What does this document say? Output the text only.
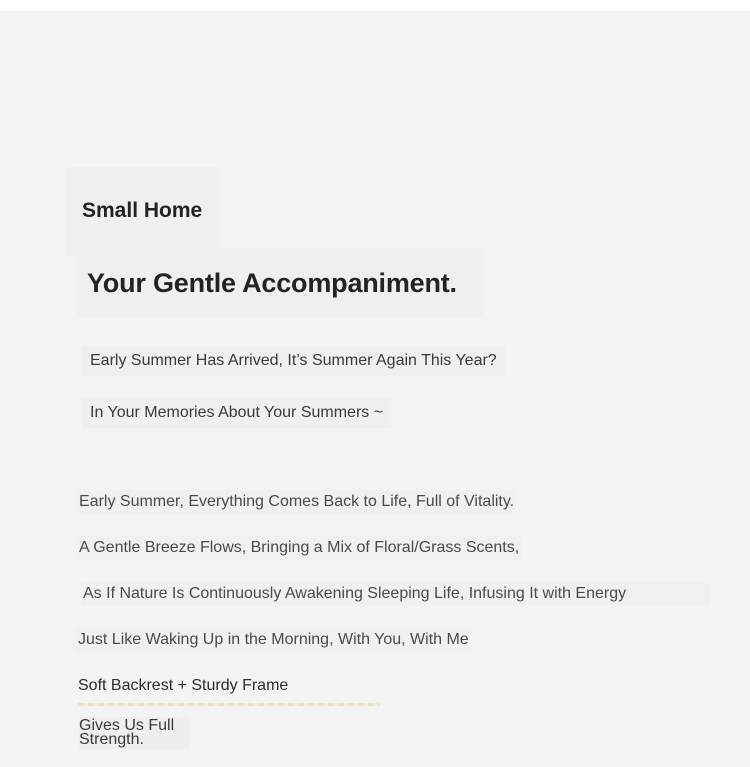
Small Home
Your Gentle Accompaniment.
Early Summer Has Arrived, It’s Summer Again This Year?
In Your Memories About Your Summers ~
Early Summer, Everything Comes Back to Life, Full of Vitality.
A Gentle Breeze Flows, Bringing a Mix of Floral/Grass Scents,
As If Nature Is Continuously Awakening Sleeping Life, Infusing It with Energy
Just Like Waking Up in the Morning, With You, With Me
Soft Backrest + Sturdy Frame
Gives Us Full Strength.
